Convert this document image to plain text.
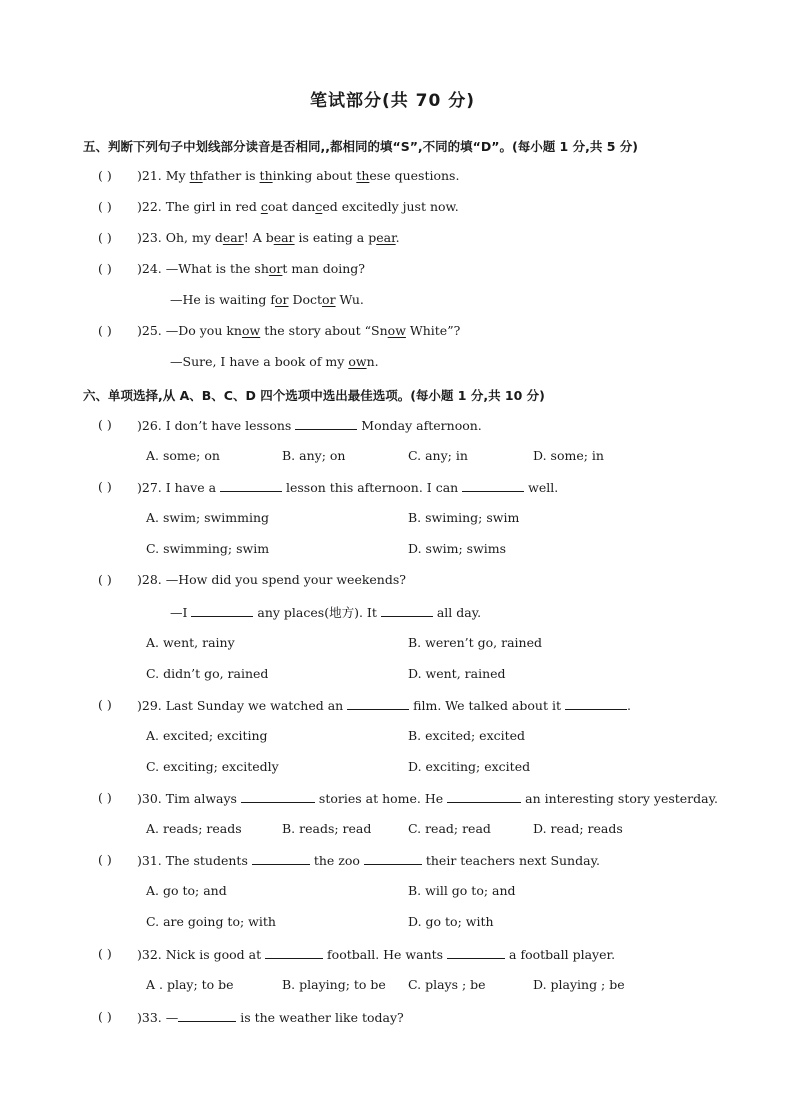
笔试部分(共 70 分)
五、判断下列句子中划线部分读音是否相同,,都相同的填“S”,不同的填“D”。(每小题 1 分,共 5 分)
( ) )21. My thfather is thinking about these questions.
( ) )22. The girl in red coat danced excitedly just now.
( ) )23. Oh, my dear! A bear is eating a pear.
( ) )24. —What is the short man doing?
—He is waiting for Doctor Wu.
( ) )25. —Do you know the story about “Snow White”?
—Sure, I have a book of my own.
六、单项选择,从 A、B、C、D 四个选项中选出最佳选项。(每小题 1 分,共 10 分)
( ) )26. I don’t have lessons	Monday afternoon.
A. some; on	B. any; on	C. any; in	D. some; in
( ) )27. I have a	lesson this afternoon. I can	well.
A. swim; swimming	B. swiming; swim
C. swimming; swim	D. swim; swims
( ) )28. —How did you spend your weekends?
—I	any places(地方). It	all day.
A. went, rainy	B. weren’t go, rained
C. didn’t go, rained	D. went, rained
( ) )29. Last Sunday we watched an	film. We talked about it	.
A. excited; exciting	B. excited; excited
C. exciting; excitedly	D. exciting; excited
( ) )30. Tim always	stories at home. He	an interesting story yesterday.
A. reads; reads	B. reads; read	C. read; read	D. read; reads
( ) )31. The students	the zoo	their teachers next Sunday.
A. go to; and	B. will go to; and
C. are going to; with	D. go to; with
( ) )32. Nick is good at	football. He wants	a football player.
A . play; to be	B. playing; to be C. plays ; be	D. playing ; be
( ) )33. —	is the weather like today?
